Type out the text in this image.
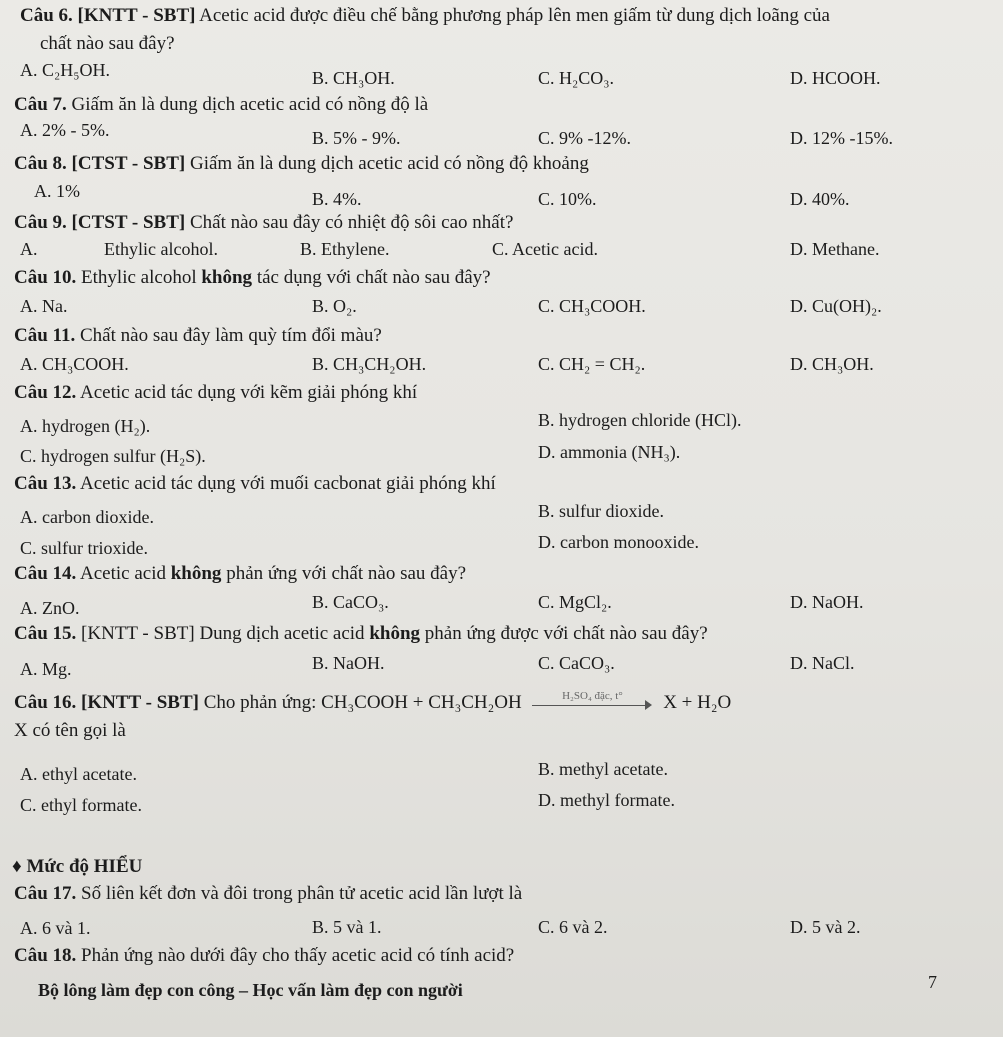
Câu 6. [KNTT - SBT] Acetic acid được điều chế bằng phương pháp lên men giấm từ dung dịch loãng của
chất nào sau đây?
A. C₂H₅OH.	B. CH₃OH.	C. H₂CO₃.	D. HCOOH.
Câu 7. Giấm ăn là dung dịch acetic acid có nồng độ là
A. 2% - 5%.	B. 5% - 9%.	C. 9% -12%.	D. 12% -15%.
Câu 8. [CTST - SBT] Giấm ăn là dung dịch acetic acid có nồng độ khoảng
A. 1%	B. 4%.	C. 10%.	D. 40%.
Câu 9. [CTST - SBT] Chất nào sau đây có nhiệt độ sôi cao nhất?
A.	Ethylic alcohol.	B. Ethylene.	C. Acetic acid.	D. Methane.
Câu 10. Ethylic alcohol không tác dụng với chất nào sau đây?
A. Na.	B. O₂.	C. CH₃COOH.	D. Cu(OH)₂.
Câu 11. Chất nào sau đây làm quỳ tím đổi màu?
A. CH₃COOH.	B. CH₃CH₂OH.	C. CH₂ = CH₂.	D. CH₃OH.
Câu 12. Acetic acid tác dụng với kẽm giải phóng khí
A. hydrogen (H₂).	B. hydrogen chloride (HCl).
C. hydrogen sulfur (H₂S).	D. ammonia (NH₃).
Câu 13. Acetic acid tác dụng với muối cacbonat giải phóng khí
A. carbon dioxide.	B. sulfur dioxide.
C. sulfur trioxide.	D. carbon monooxide.
Câu 14. Acetic acid không phản ứng với chất nào sau đây?
A. ZnO.	B. CaCO₃.	C. MgCl₂.	D. NaOH.
Câu 15. [KNTT - SBT] Dung dịch acetic acid không phản ứng được với chất nào sau đây?
A. Mg.	B. NaOH.	C. CaCO₃.	D. NaCl.
Câu 16. [KNTT - SBT] Cho phản ứng: CH₃COOH + CH₃CH₂OH	H₂SO₄ đặc, t°	X + H₂O
X có tên gọi là
A. ethyl acetate.	B. methyl acetate.
C. ethyl formate.	D. methyl formate.
♦ Mức độ HIỂU
Câu 17. Số liên kết đơn và đôi trong phân tử acetic acid lần lượt là
A. 6 và 1.	B. 5 và 1.	C. 6 và 2.	D. 5 và 2.
Câu 18. Phản ứng nào dưới đây cho thấy acetic acid có tính acid?
Bộ lông làm đẹp con công – Học vấn làm đẹp con người	7
